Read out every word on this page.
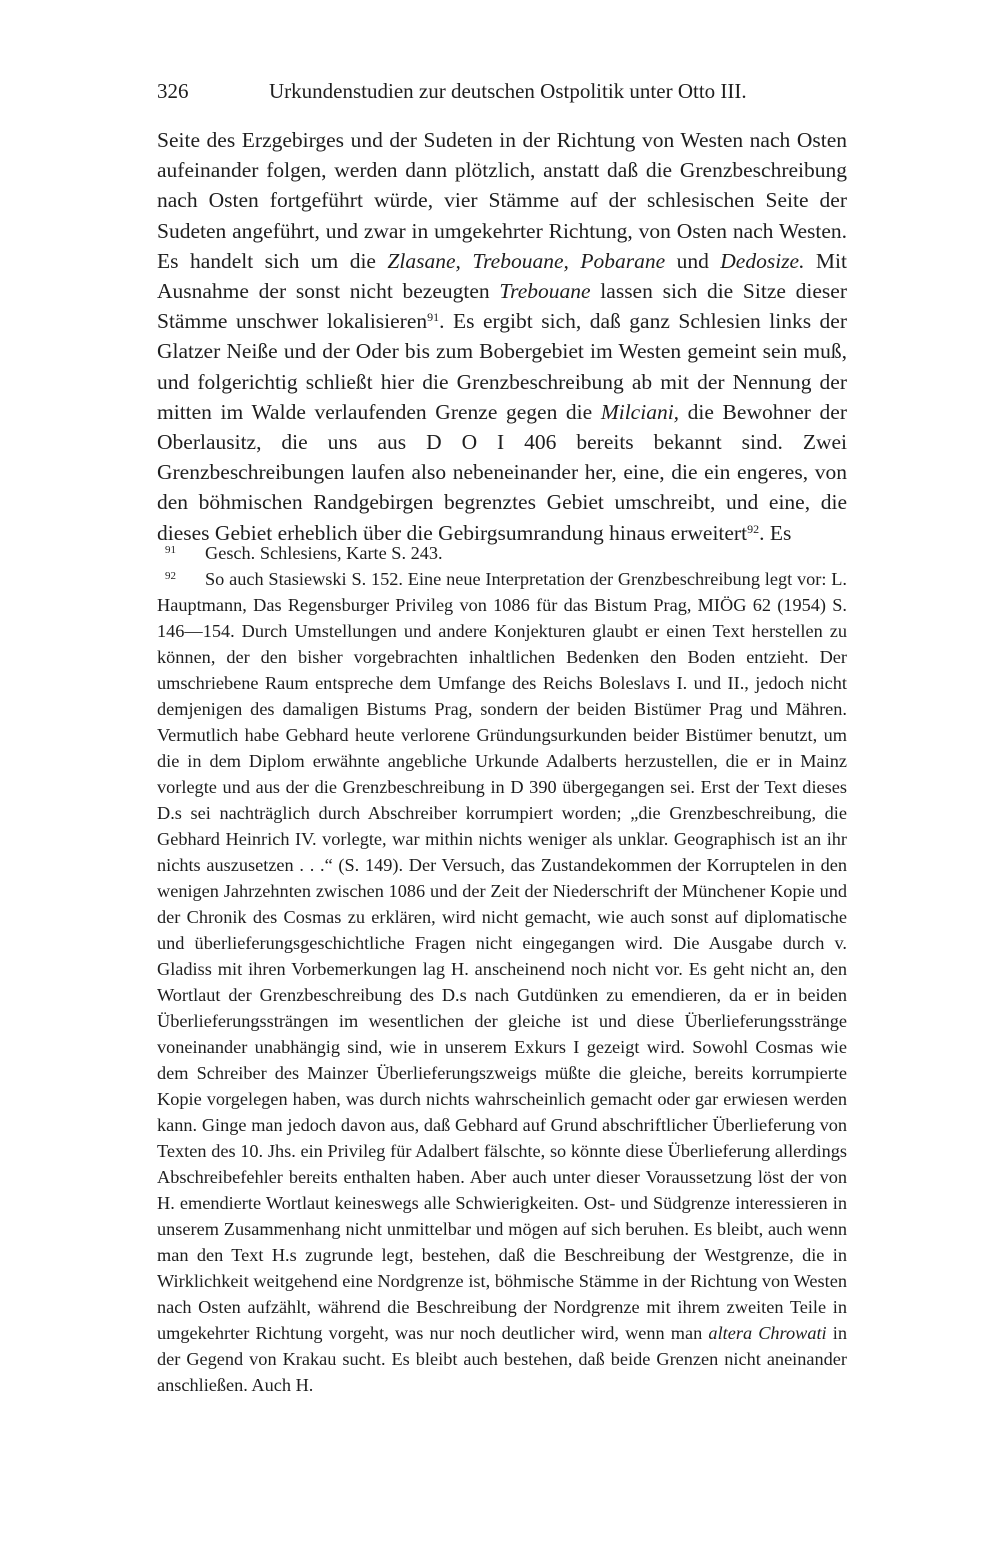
326	Urkundenstudien zur deutschen Ostpolitik unter Otto III.

Seite des Erzgebirges und der Sudeten in der Richtung von Westen nach Osten aufeinander folgen, werden dann plötzlich, anstatt daß die Grenzbeschreibung nach Osten fortgeführt würde, vier Stämme auf der schlesischen Seite der Sudeten angeführt, und zwar in umgekehrter Richtung, von Osten nach Westen. Es handelt sich um die Zlasane, Trebouane, Pobarane und Dedosize. Mit Ausnahme der sonst nicht bezeugten Trebouane lassen sich die Sitze dieser Stämme unschwer lokalisieren$^{91}$. Es ergibt sich, daß ganz Schlesien links der Glatzer Neiße und der Oder bis zum Bobergebiet im Westen gemeint sein muß, und folgerichtig schließt hier die Grenzbeschreibung ab mit der Nennung der mitten im Walde verlaufenden Grenze gegen die Milciani, die Bewohner der Oberlausitz, die uns aus D O I 406 bereits bekannt sind. Zwei Grenzbeschreibungen laufen also nebeneinander her, eine, die ein engeres, von den böhmischen Randgebirgen begrenztes Gebiet umschreibt, und eine, die dieses Gebiet erheblich über die Gebirgsumrandung hinaus erweitert$^{92}$. Es

91 Gesch. Schlesiens, Karte S. 243.

92 So auch Stasiewski S. 152. Eine neue Interpretation der Grenzbeschreibung legt vor: L. Hauptmann, Das Regensburger Privileg von 1086 für das Bistum Prag, MIÖG 62 (1954) S. 146—154. Durch Umstellungen und andere Konjekturen glaubt er einen Text herstellen zu können, der den bisher vorgebrachten inhaltlichen Bedenken den Boden entzieht. Der umschriebene Raum entspreche dem Umfange des Reichs Boleslavs I. und II., jedoch nicht demjenigen des damaligen Bistums Prag, sondern der beiden Bistümer Prag und Mähren. Vermutlich habe Gebhard heute verlorene Gründungsurkunden beider Bistümer benutzt, um die in dem Diplom erwähnte angebliche Urkunde Adalberts herzustellen, die er in Mainz vorlegte und aus der die Grenzbeschreibung in D 390 übergegangen sei. Erst der Text dieses D.s sei nachträglich durch Abschreiber korrumpiert worden; „die Grenzbeschreibung, die Gebhard Heinrich IV. vorlegte, war mithin nichts weniger als unklar. Geographisch ist an ihr nichts auszusetzen . . .“ (S. 149). Der Versuch, das Zustandekommen der Korruptelen in den wenigen Jahrzehnten zwischen 1086 und der Zeit der Niederschrift der Münchener Kopie und der Chronik des Cosmas zu erklären, wird nicht gemacht, wie auch sonst auf diplomatische und überlieferungsgeschichtliche Fragen nicht eingegangen wird. Die Ausgabe durch v. Gladiss mit ihren Vorbemerkungen lag H. anscheinend noch nicht vor. Es geht nicht an, den Wortlaut der Grenzbeschreibung des D.s nach Gutdünken zu emendieren, da er in beiden Überlieferungssträngen im wesentlichen der gleiche ist und diese Überlieferungsstränge voneinander unabhängig sind, wie in unserem Exkurs I gezeigt wird. Sowohl Cosmas wie dem Schreiber des Mainzer Überlieferungszweigs müßte die gleiche, bereits korrumpierte Kopie vorgelegen haben, was durch nichts wahrscheinlich gemacht oder gar erwiesen werden kann. Ginge man jedoch davon aus, daß Gebhard auf Grund abschriftlicher Überlieferung von Texten des 10. Jhs. ein Privileg für Adalbert fälschte, so könnte diese Überlieferung allerdings Abschreibefehler bereits enthalten haben. Aber auch unter dieser Voraussetzung löst der von H. emendierte Wortlaut keineswegs alle Schwierigkeiten. Ost- und Südgrenze interessieren in unserem Zusammenhang nicht unmittelbar und mögen auf sich beruhen. Es bleibt, auch wenn man den Text H.s zugrunde legt, bestehen, daß die Beschreibung der Westgrenze, die in Wirklichkeit weitgehend eine Nordgrenze ist, böhmische Stämme in der Richtung von Westen nach Osten aufzählt, während die Beschreibung der Nordgrenze mit ihrem zweiten Teile in umgekehrter Richtung vorgeht, was nur noch deutlicher wird, wenn man altera Chrowati in der Gegend von Krakau sucht. Es bleibt auch bestehen, daß beide Grenzen nicht aneinander anschließen. Auch H.
